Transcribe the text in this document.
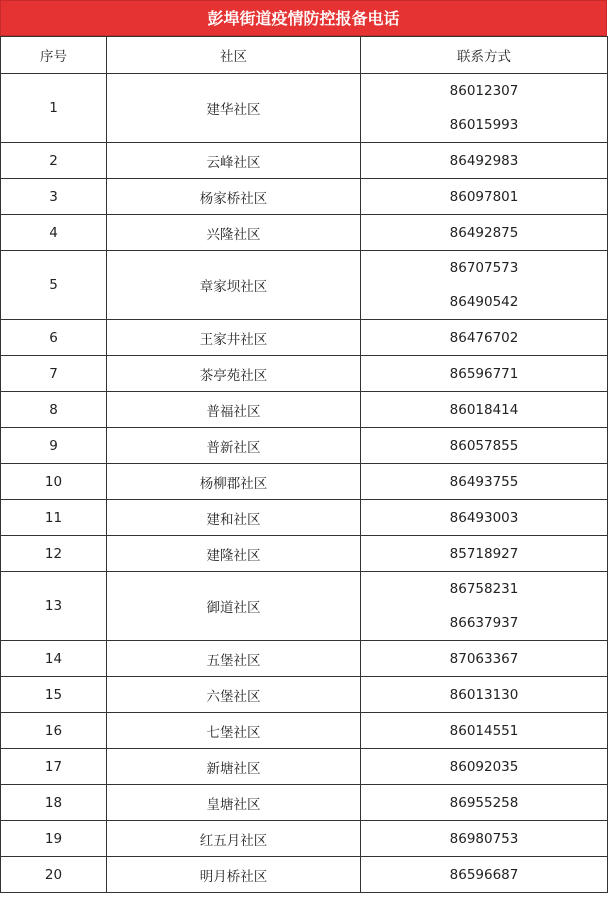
彭埠街道疫情防控报备电话
序号	社区	联系方式
1	建华社区	86012307
86015993

2	云峰社区	86492983

3	杨家桥社区	86097801

4	兴隆社区	86492875

5	章家坝社区	86707573
86490542

6	王家井社区	86476702

7	茶亭苑社区	86596771

8	普福社区	86018414

9	普新社区	86057855

10	杨柳郡社区	86493755

11	建和社区	86493003

12	建隆社区	85718927

13	御道社区	86758231
86637937

14	五堡社区	87063367

15	六堡社区	86013130

16	七堡社区	86014551

17	新塘社区	86092035

18	皇塘社区	86955258

19	红五月社区	86980753

20	明月桥社区	86596687
